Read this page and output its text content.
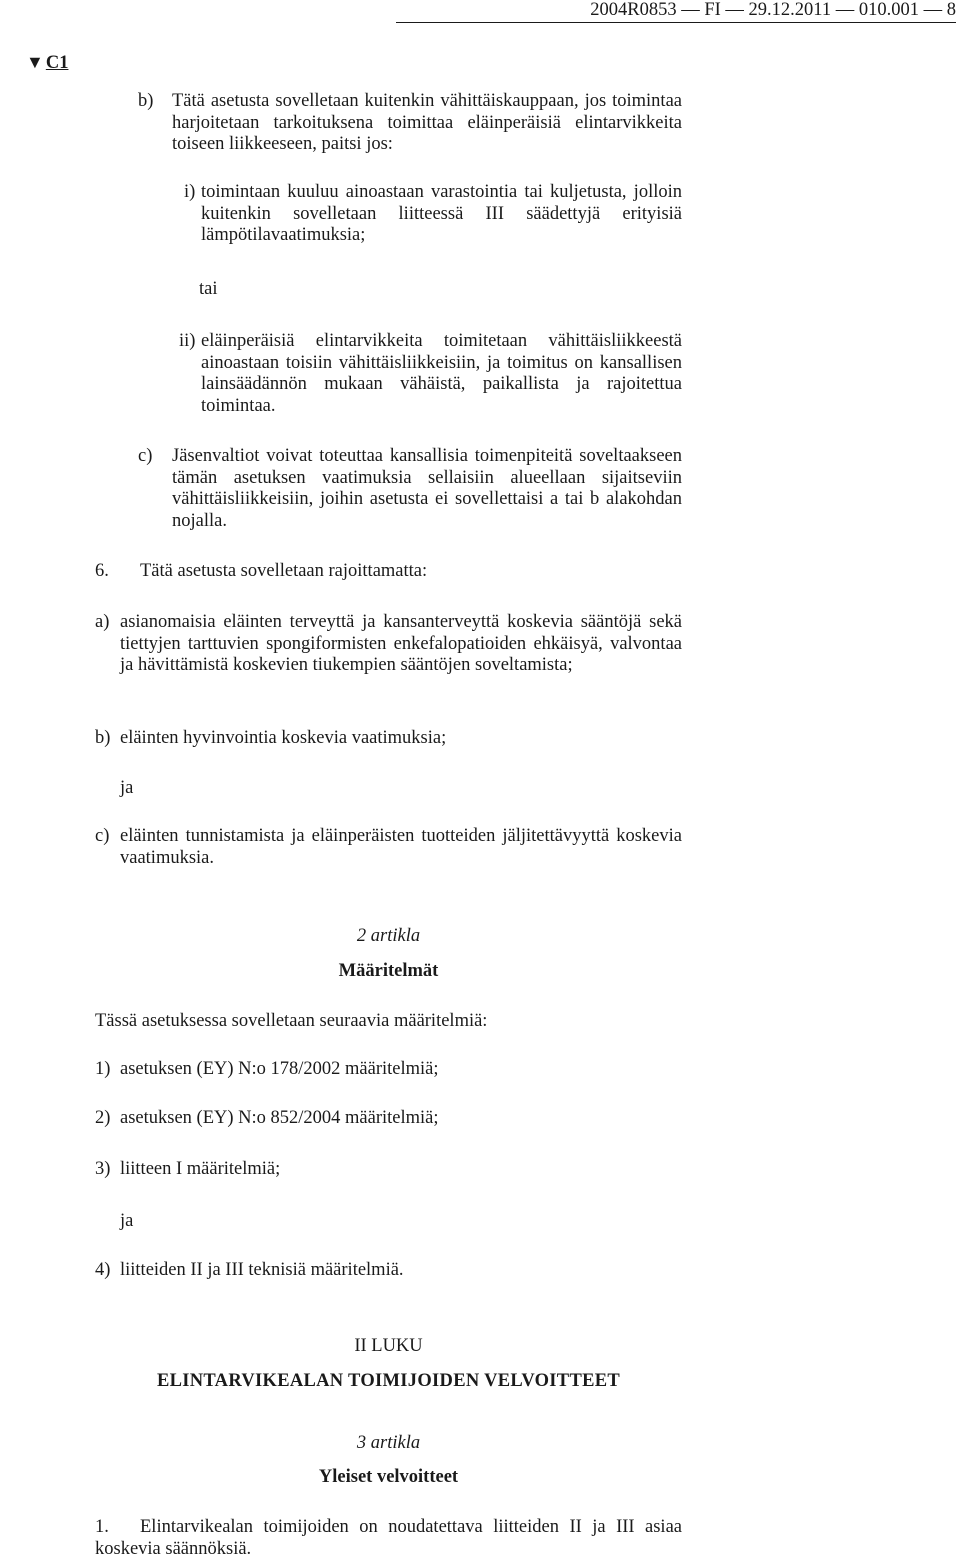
2004R0853 — FI — 29.12.2011 — 010.001 — 8
▼ C1
b) Tätä asetusta sovelletaan kuitenkin vähittäiskauppaan, jos toimintaa harjoitetaan tarkoituksena toimittaa eläinperäisiä elintarvikkeita toiseen liikkeeseen, paitsi jos:
i) toimintaan kuuluu ainoastaan varastointia tai kuljetusta, jolloin kuitenkin sovelletaan liitteessä III säädettyjä erityisiä lämpötilavaatimuksia;
tai
ii) eläinperäisiä elintarvikkeita toimitetaan vähittäisliikkeestä ainoastaan toisiin vähittäisliikkeisiin, ja toimitus on kansallisen lainsäädännön mukaan vähäistä, paikallista ja rajoitettua toimintaa.
c) Jäsenvaltiot voivat toteuttaa kansallisia toimenpiteitä soveltaakseen tämän asetuksen vaatimuksia sellaisiin alueellaan sijaitseviin vähittäisliikkeisiin, joihin asetusta ei sovellettaisi a tai b alakohdan nojalla.
6. Tätä asetusta sovelletaan rajoittamatta:
a) asianomaisia eläinten terveyttä ja kansanterveyttä koskevia sääntöjä sekä tiettyjen tarttuvien spongiformisten enkefalopatioiden ehkäisyä, valvontaa ja hävittämistä koskevien tiukempien sääntöjen soveltamista;
b) eläinten hyvinvointia koskevia vaatimuksia;
ja
c) eläinten tunnistamista ja eläinperäisten tuotteiden jäljitettävyyttä koskevia vaatimuksia.
2 artikla
Määritelmät
Tässä asetuksessa sovelletaan seuraavia määritelmiä:
1) asetuksen (EY) N:o 178/2002 määritelmiä;
2) asetuksen (EY) N:o 852/2004 määritelmiä;
3) liitteen I määritelmiä;
ja
4) liitteiden II ja III teknisiä määritelmiä.
II LUKU
ELINTARVIKEALAN TOIMIJOIDEN VELVOITTEET
3 artikla
Yleiset velvoitteet
1.	Elintarvikealan toimijoiden on noudatettava liitteiden II ja III asiaa koskevia säännöksiä.
